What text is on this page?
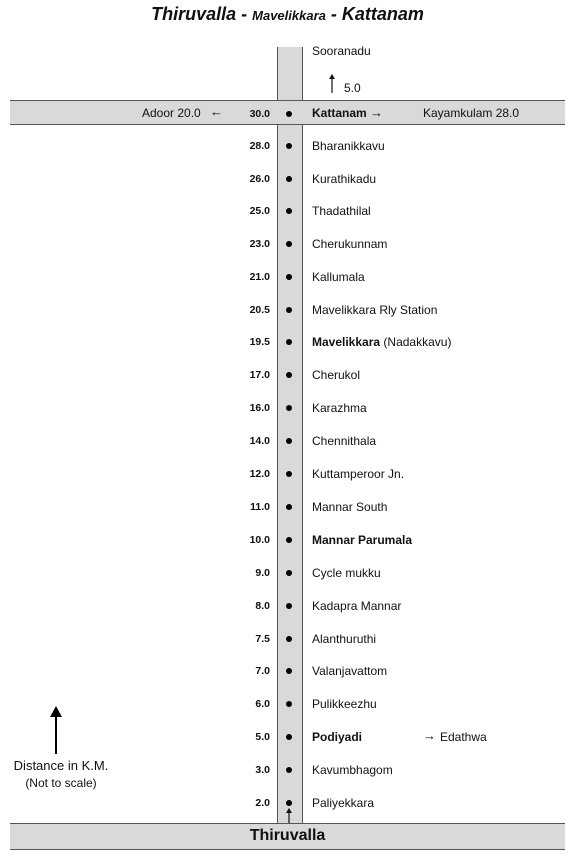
Thiruvalla - Mavelikkara - Kattanam
Sooranadu
5.0
Adoor 20.0 ←	30.0	Kattanam →	Kayamkulam 28.0
28.0	Bharanikkavu
26.0	Kurathikadu
25.0	Thadathilal
23.0	Cherukunnam
21.0	Kallumala
20.5	Mavelikkara Rly Station
19.5	Mavelikkara (Nadakkavu)
17.0	Cherukol
16.0	Karazhma
14.0	Chennithala
12.0	Kuttamperoor Jn.
11.0	Mannar South
10.0	Mannar Parumala
9.0	Cycle mukku
8.0	Kadapra Mannar
7.5	Alanthuruthi
7.0	Valanjavattom
6.0	Pulikkeezhu
5.0	Podiyadi	→ Edathwa
3.0	Kavumbhagom
2.0	Paliyekkara
Thiruvalla
Distance in K.M.
(Not to scale)
